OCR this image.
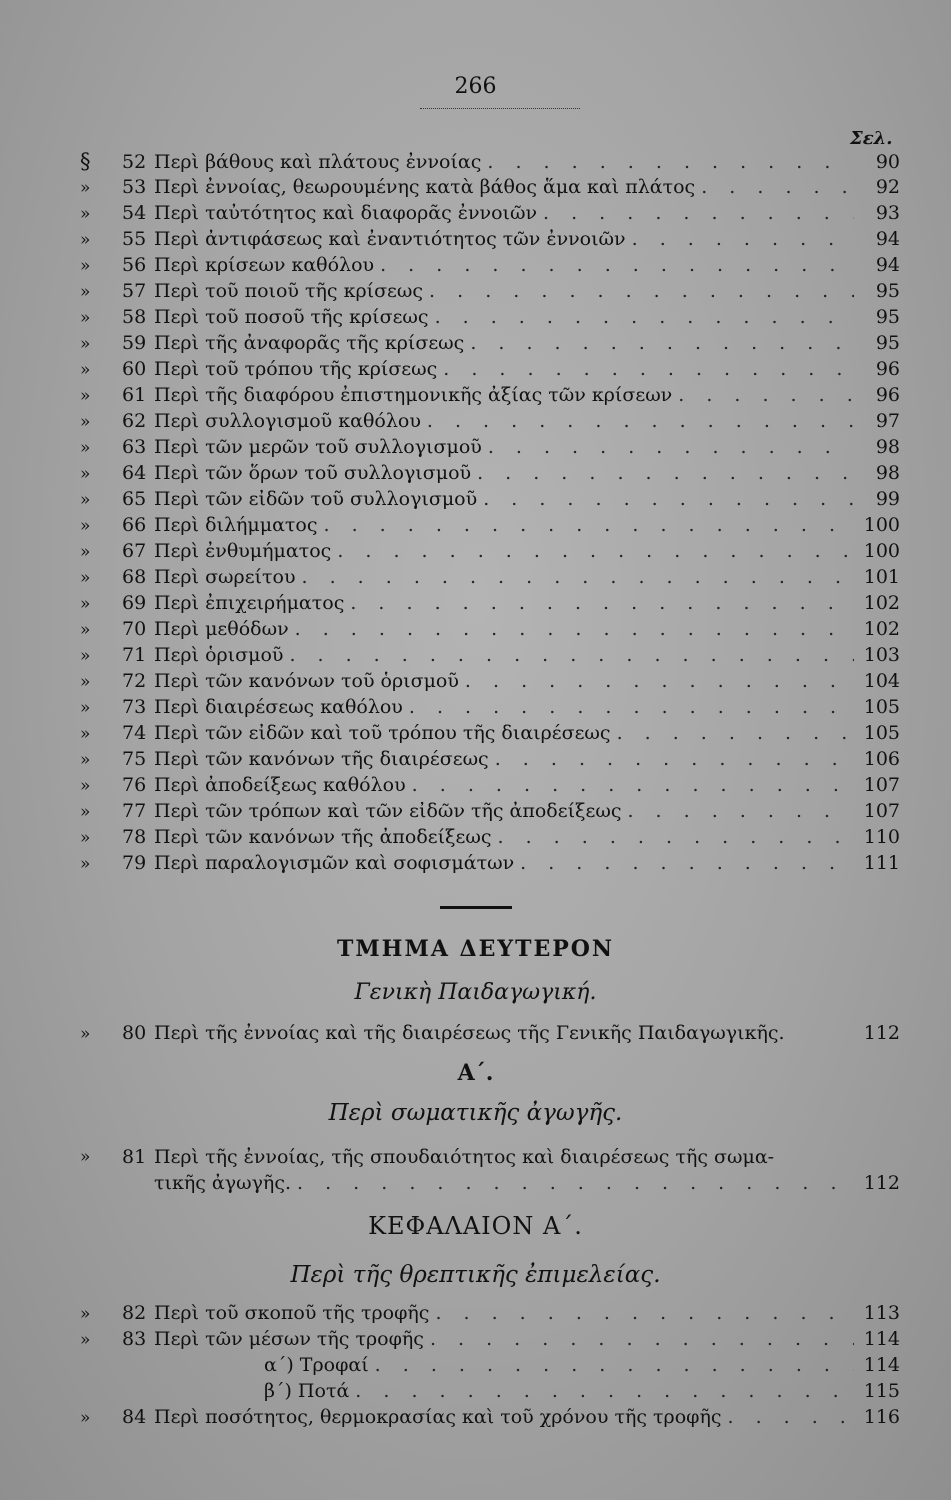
266
Σελ.
§	52 Περὶ βάθους καὶ πλάτους ἐννοίας . . .	90
»	53 Περὶ ἐννοίας, θεωρουμένης κατὰ βάθος ἅμα καὶ πλάτος . . .	92
»	54 Περὶ ταὐτότητος καὶ διαφορᾶς ἐννοιῶν . . .	93
»	55 Περὶ ἀντιφάσεως καὶ ἐναντιότητος τῶν ἐννοιῶν . . .	94
»	56 Περὶ κρίσεων καθόλου . . .	94
»	57 Περὶ τοῦ ποιοῦ τῆς κρίσεως . . .	95
»	58 Περὶ τοῦ ποσοῦ τῆς κρίσεως . . .	95
»	59 Περὶ τῆς ἀναφορᾶς τῆς κρίσεως . . .	95
»	60 Περὶ τοῦ τρόπου τῆς κρίσεως . . .	96
»	61 Περὶ τῆς διαφόρου ἐπιστημονικῆς ἀξίας τῶν κρίσεων . . .	96
»	62 Περὶ συλλογισμοῦ καθόλου . . .	97
»	63 Περὶ τῶν μερῶν τοῦ συλλογισμοῦ . . .	98
»	64 Περὶ τῶν ὅρων τοῦ συλλογισμοῦ . . .	98
»	65 Περὶ τῶν εἰδῶν τοῦ συλλογισμοῦ . . .	99
»	66 Περὶ διλήμματος . . .	100
»	67 Περὶ ἐνθυμήματος . . .	100
»	68 Περὶ σωρείτου . . .	101
»	69 Περὶ ἐπιχειρήματος . . .	102
»	70 Περὶ μεθόδων . . .	102
»	71 Περὶ ὁρισμοῦ . . .	103
»	72 Περὶ τῶν κανόνων τοῦ ὁρισμοῦ . . .	104
»	73 Περὶ διαιρέσεως καθόλου . . .	105
»	74 Περὶ τῶν εἰδῶν καὶ τοῦ τρόπου τῆς διαιρέσεως . . .	105
»	75 Περὶ τῶν κανόνων τῆς διαιρέσεως . . .	106
»	76 Περὶ ἀποδείξεως καθόλου . . .	107
»	77 Περὶ τῶν τρόπων καὶ τῶν εἰδῶν τῆς ἀποδείξεως . . .	107
»	78 Περὶ τῶν κανόνων τῆς ἀποδείξεως . . .	110
»	79 Περὶ παραλογισμῶν καὶ σοφισμάτων . . .	111
ΤΜΗΜΑ ΔΕΥΤΕΡΟΝ
Γενικὴ Παιδαγωγική.
»	80 Περὶ τῆς ἐννοίας καὶ τῆς διαιρέσεως τῆς Γενικῆς Παιδαγωγικῆς.	112
Α΄.
Περὶ σωματικῆς ἀγωγῆς.
»	81 Περὶ τῆς ἐννοίας, τῆς σπουδαιότητος καὶ διαιρέσεως τῆς σωμα-
τικῆς ἀγωγῆς. . . .	112
ΚΕΦΑΛΑΙΟΝ Α΄.
Περὶ τῆς θρεπτικῆς ἐπιμελείας.
»	82 Περὶ τοῦ σκοποῦ τῆς τροφῆς . . .	113
»	83 Περὶ τῶν μέσων τῆς τροφῆς . . .	114
α΄) Τροφαί . . .	114
β΄) Ποτά . . .	115
»	84 Περὶ ποσότητος, θερμοκρασίας καὶ τοῦ χρόνου τῆς τροφῆς . . .	116
